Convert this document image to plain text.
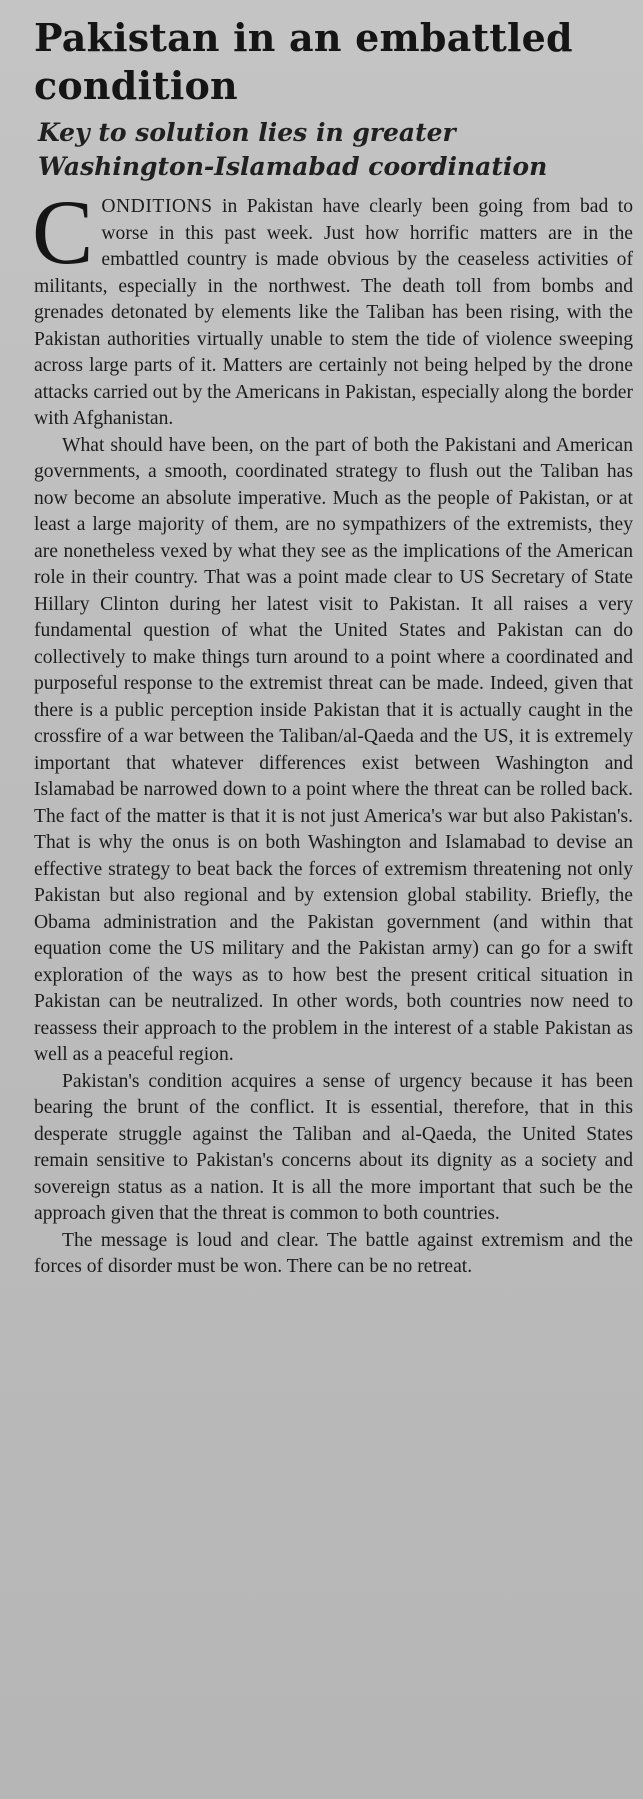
Pakistan in an embattled condition
Key to solution lies in greater Washington-Islamabad coordination

CONDITIONS in Pakistan have clearly been going from bad to worse in this past week. Just how horrific matters are in the embattled country is made obvious by the ceaseless activities of militants, especially in the northwest. The death toll from bombs and grenades detonated by elements like the Taliban has been rising, with the Pakistan authorities virtually unable to stem the tide of violence sweeping across large parts of it. Matters are certainly not being helped by the drone attacks carried out by the Americans in Pakistan, especially along the border with Afghanistan.

What should have been, on the part of both the Pakistani and American governments, a smooth, coordinated strategy to flush out the Taliban has now become an absolute imperative. Much as the people of Pakistan, or at least a large majority of them, are no sympathizers of the extremists, they are nonetheless vexed by what they see as the implications of the American role in their country. That was a point made clear to US Secretary of State Hillary Clinton during her latest visit to Pakistan. It all raises a very fundamental question of what the United States and Pakistan can do collectively to make things turn around to a point where a coordinated and purposeful response to the extremist threat can be made. Indeed, given that there is a public perception inside Pakistan that it is actually caught in the crossfire of a war between the Taliban/al-Qaeda and the US, it is extremely important that whatever differences exist between Washington and Islamabad be narrowed down to a point where the threat can be rolled back. The fact of the matter is that it is not just America's war but also Pakistan's. That is why the onus is on both Washington and Islamabad to devise an effective strategy to beat back the forces of extremism threatening not only Pakistan but also regional and by extension global stability. Briefly, the Obama administration and the Pakistan government (and within that equation come the US military and the Pakistan army) can go for a swift exploration of the ways as to how best the present critical situation in Pakistan can be neutralized. In other words, both countries now need to reassess their approach to the problem in the interest of a stable Pakistan as well as a peaceful region.

Pakistan's condition acquires a sense of urgency because it has been bearing the brunt of the conflict. It is essential, therefore, that in this desperate struggle against the Taliban and al-Qaeda, the United States remain sensitive to Pakistan's concerns about its dignity as a society and sovereign status as a nation. It is all the more important that such be the approach given that the threat is common to both countries.

The message is loud and clear. The battle against extremism and the forces of disorder must be won. There can be no retreat.
